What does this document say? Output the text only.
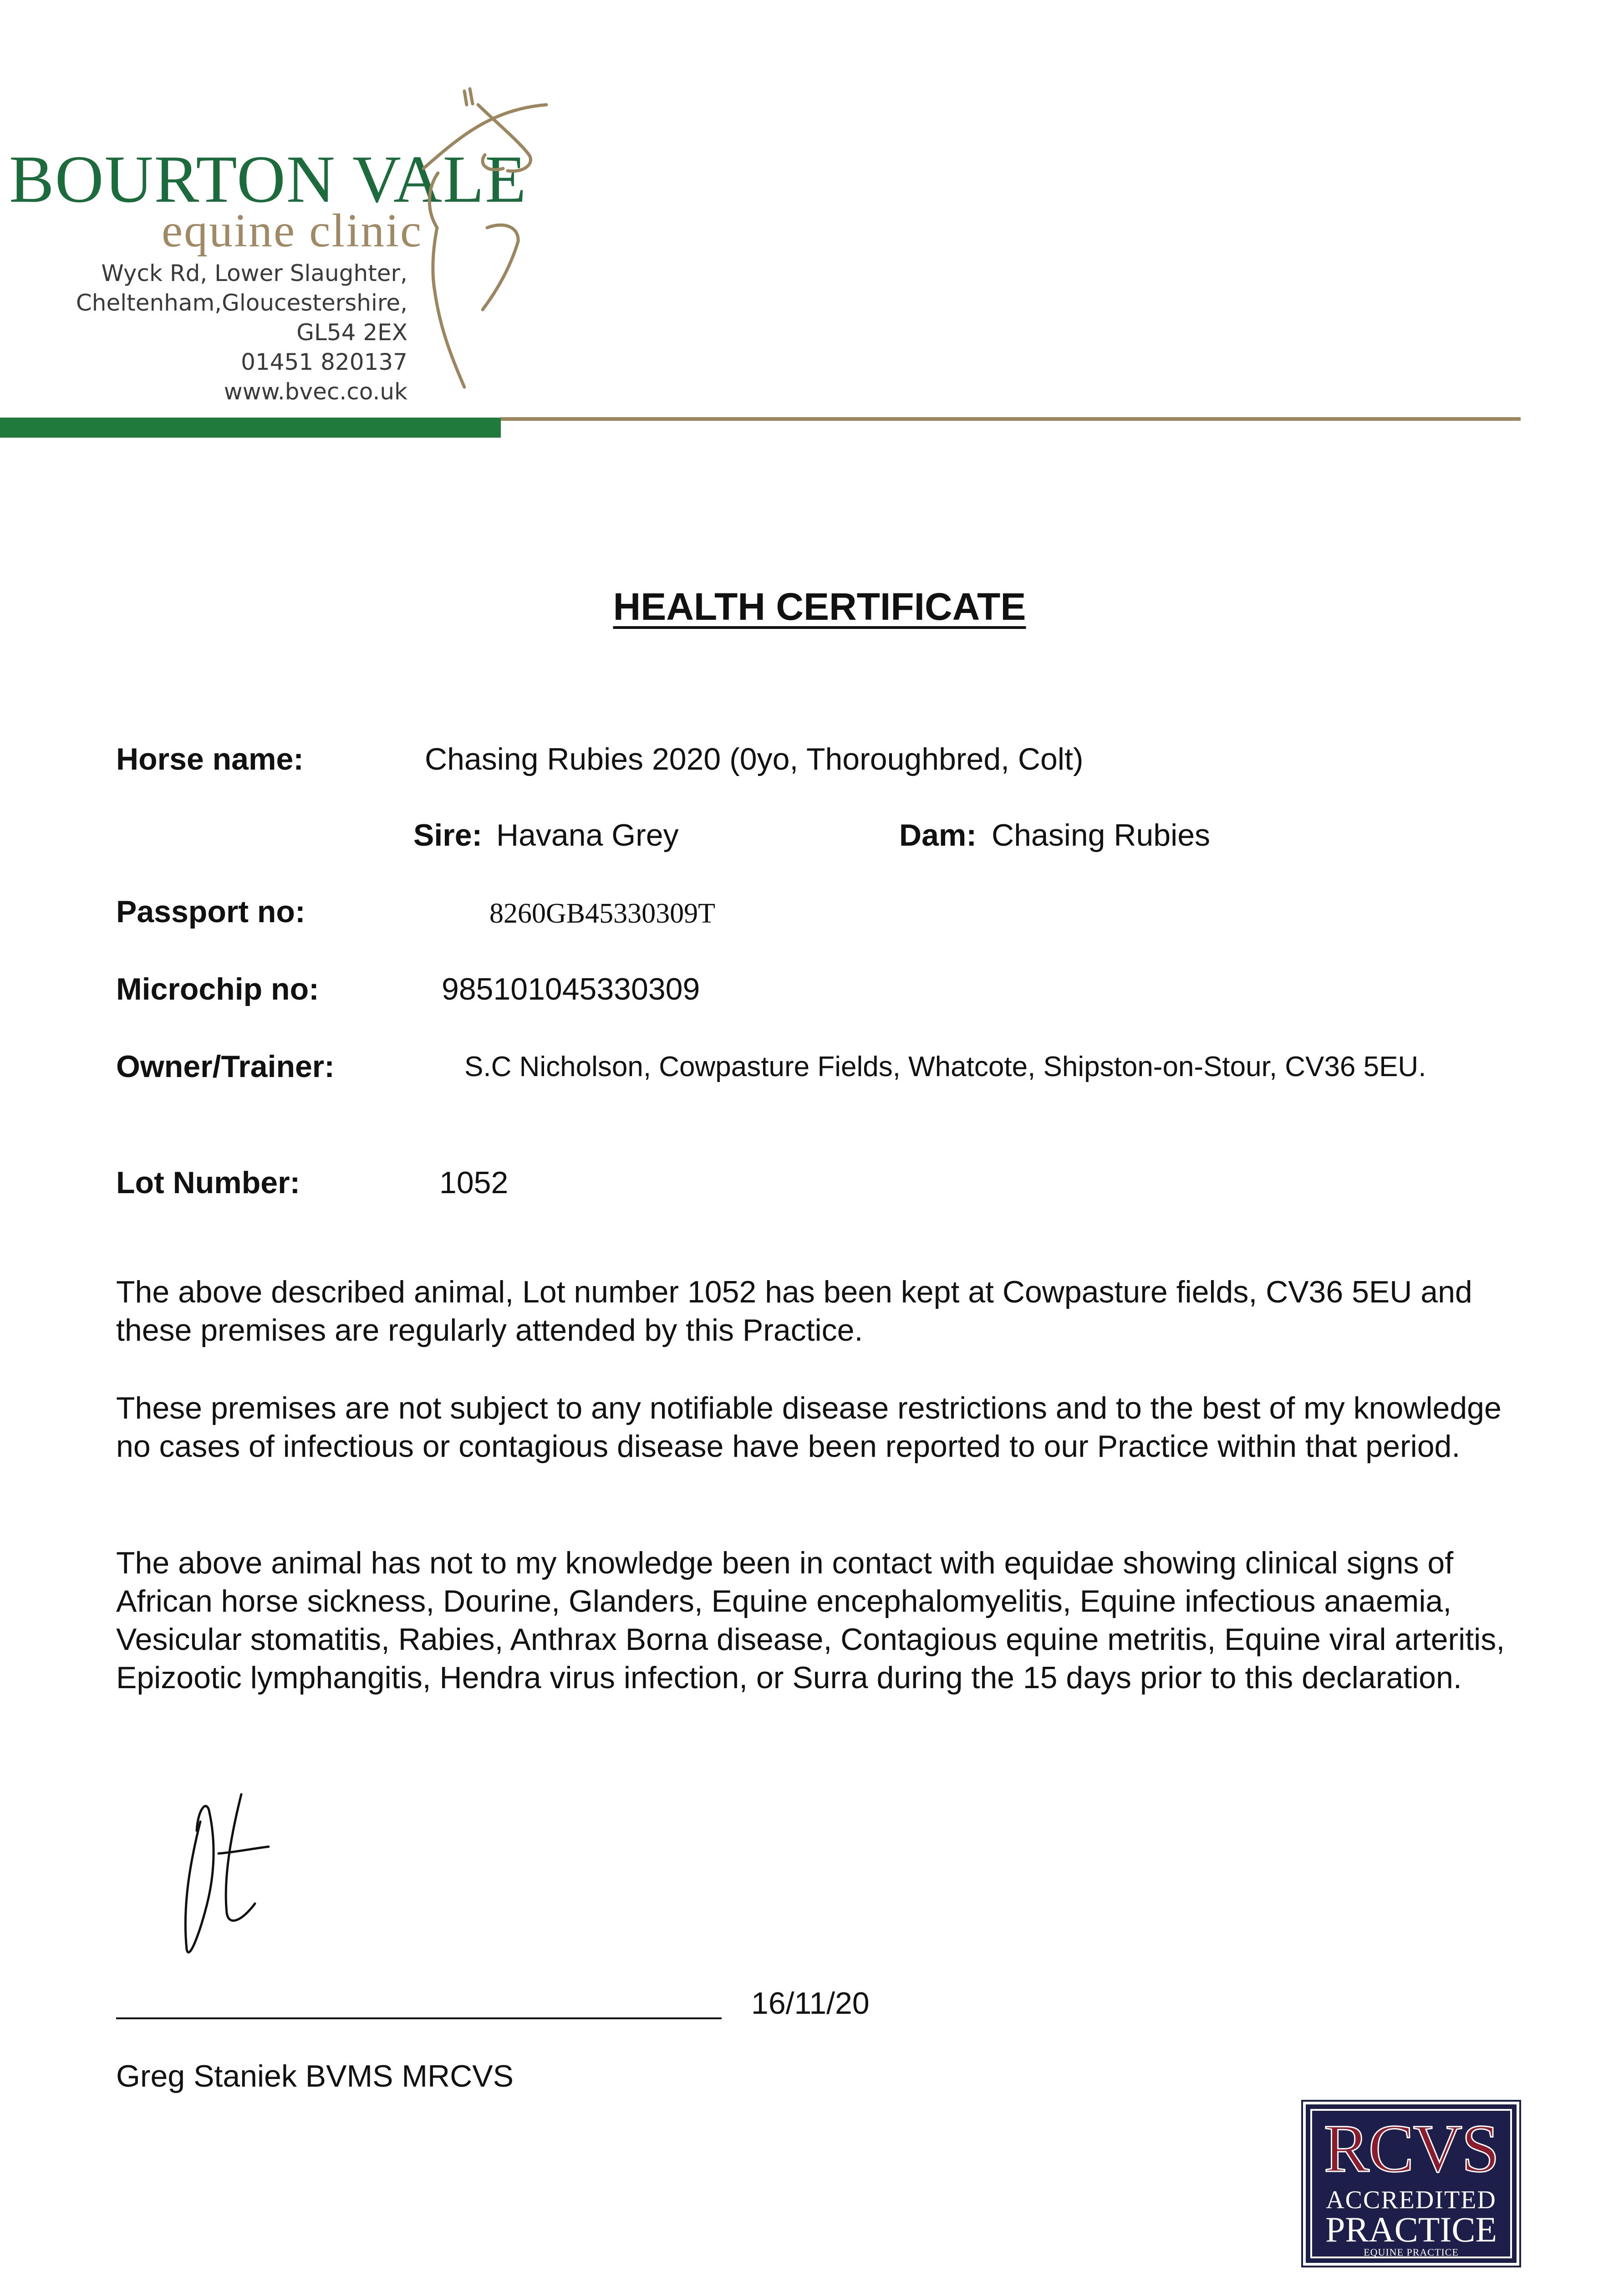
BOURTON VALE
equine clinic
Wyck Rd, Lower Slaughter,
Cheltenham,Gloucestershire,
GL54 2EX
01451 820137
www.bvec.co.uk
HEALTH CERTIFICATE
Horse name:	Chasing Rubies 2020 (0yo, Thoroughbred, Colt)
Sire: Havana Grey	Dam: Chasing Rubies
Passport no:	8260GB45330309T
Microchip no:	985101045330309
Owner/Trainer:	S.C Nicholson, Cowpasture Fields, Whatcote, Shipston-on-Stour, CV36 5EU.
Lot Number:	1052

The above described animal, Lot number 1052 has been kept at Cowpasture fields, CV36 5EU and these premises are regularly attended by this Practice.

These premises are not subject to any notifiable disease restrictions and to the best of my knowledge no cases of infectious or contagious disease have been reported to our Practice within that period.

The above animal has not to my knowledge been in contact with equidae showing clinical signs of African horse sickness, Dourine, Glanders, Equine encephalomyelitis, Equine infectious anaemia, Vesicular stomatitis, Rabies, Anthrax Borna disease, Contagious equine metritis, Equine viral arteritis, Epizootic lymphangitis, Hendra virus infection, or Surra during the 15 days prior to this declaration.

16/11/20
Greg Staniek BVMS MRCVS
RCVS
ACCREDITED
PRACTICE
EQUINE PRACTICE
